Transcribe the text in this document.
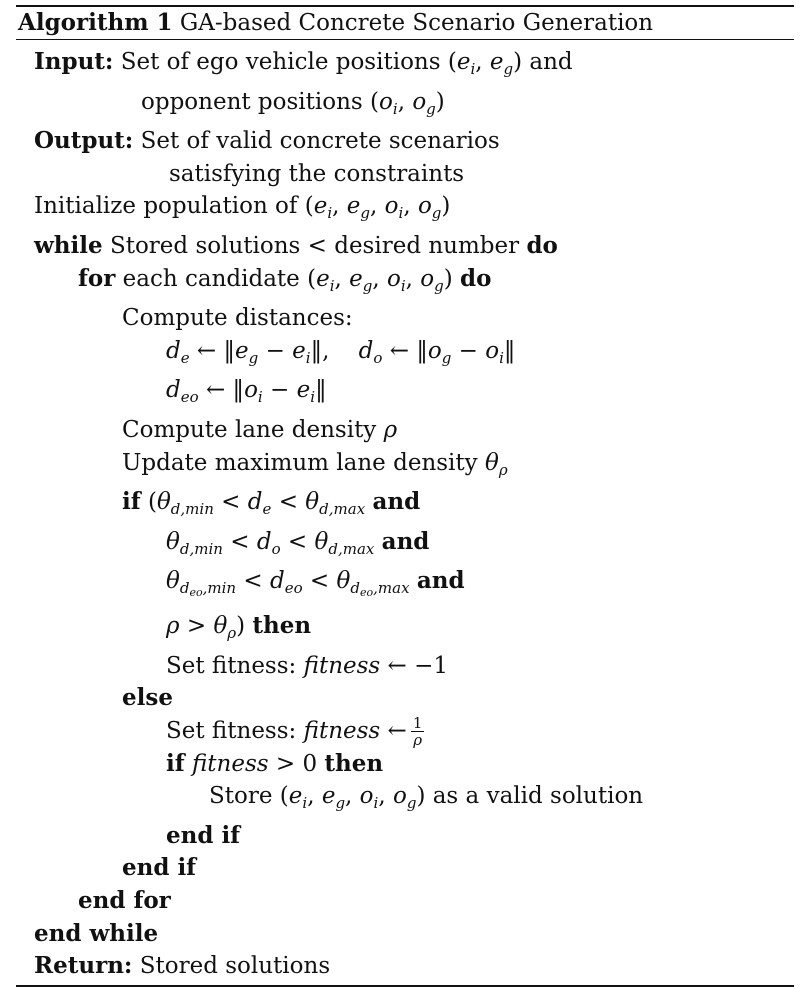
Algorithm 1 GA-based Concrete Scenario Generation
Input: Set of ego vehicle positions ($e_i$, $e_g$) and
opponent positions ($o_i$, $o_g$)
Output: Set of valid concrete scenarios
satisfying the constraints
Initialize population of ($e_i$, $e_g$, $o_i$, $o_g$)
while Stored solutions < desired number do
for each candidate ($e_i$, $e_g$, $o_i$, $o_g$) do
Compute distances:
$d_e$ ← $‖e_g$ − $e_i‖$,    $d_o$ ← $‖o_g$ − $o_i‖$
$d_{eo}$ ← $‖o_i$ − $e_i‖$
Compute lane density ρ
Update maximum lane density $\theta_\rho$
if ($\theta_{d,min} < d_e < \theta_{d,max}$ and
$\theta_{d,min} < d_o < \theta_{d,max}$ and
$\theta_{d_{eo},min} < d_{eo} < \theta_{d_{eo},max}$ and
$\rho > \theta_\rho$) then
Set fitness: fitness ← −1
else
Set fitness: fitness ← $\frac{1}{\rho}$
if fitness > 0 then
Store ($e_i$, $e_g$, $o_i$, $o_g$) as a valid solution
end if
end if
end for
end while
Return: Stored solutions
